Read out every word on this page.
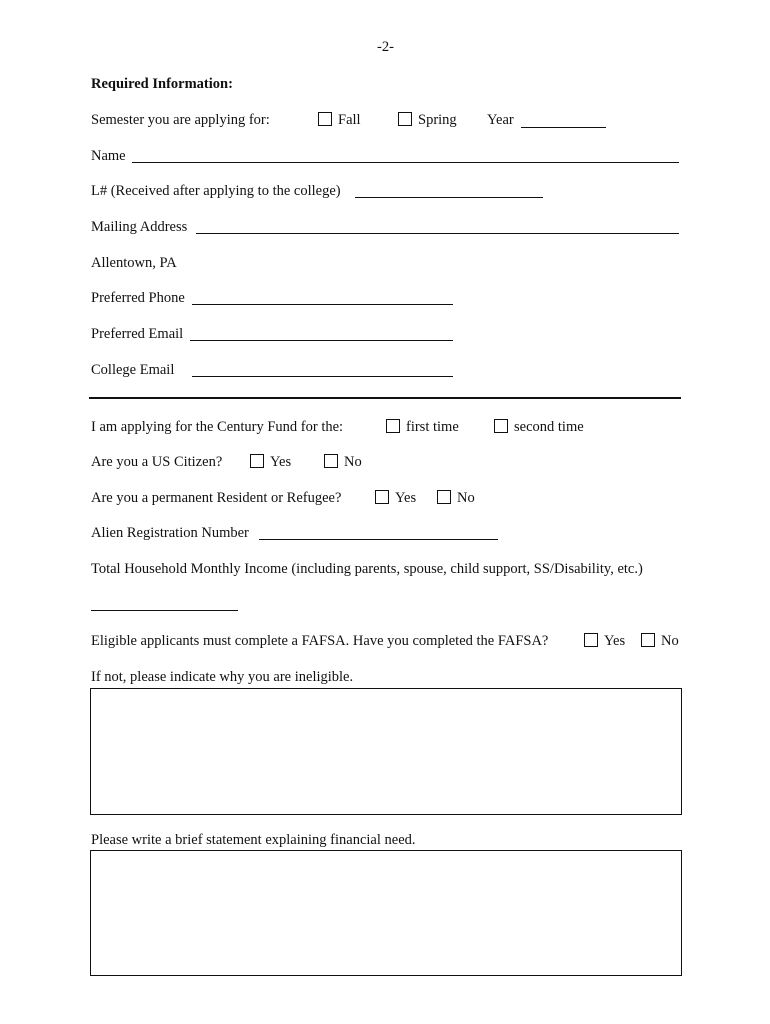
-2-
Required Information:
Semester you are applying for:	Fall	Spring Year
Name
L# (Received after applying to the college)
Mailing Address
Allentown, PA
Preferred Phone
Preferred Email
College Email
I am applying for the Century Fund for the:	first time	second time
Are you a US Citizen?	Yes	No
Are you a permanent Resident or Refugee?	Yes	No
Alien Registration Number
Total Household Monthly Income (including parents, spouse, child support, SS/Disability, etc.)
Eligible applicants must complete a FAFSA. Have you completed the FAFSA?	Yes No
If not, please indicate why you are ineligible.
Please write a brief statement explaining financial need.
